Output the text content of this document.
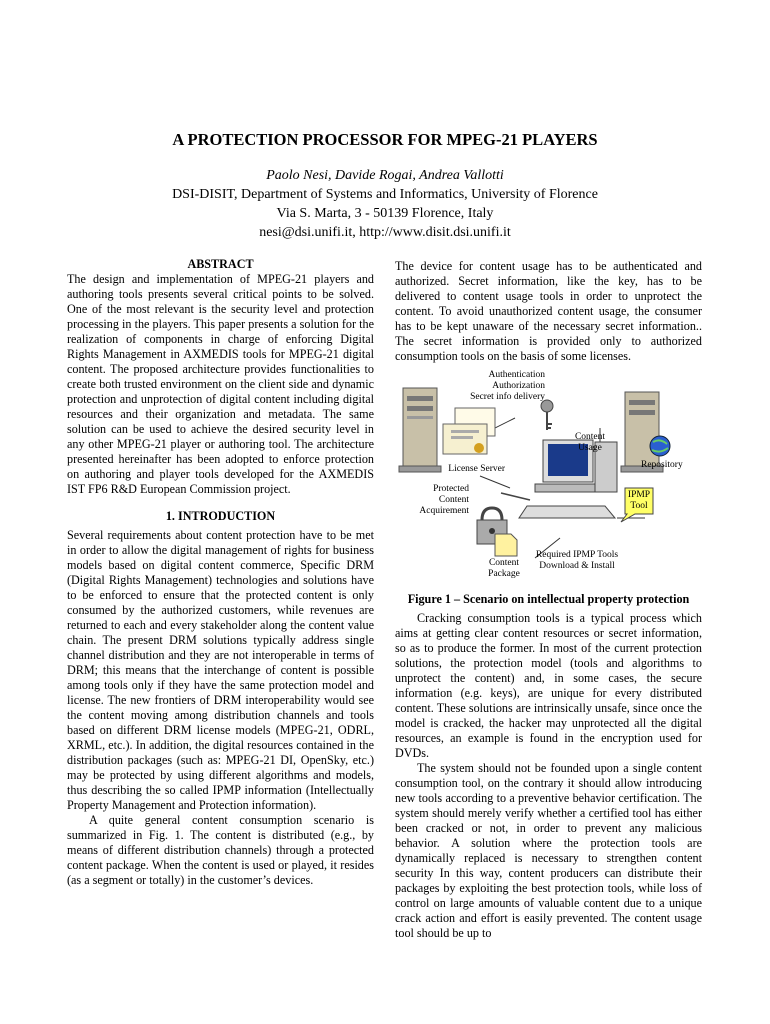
A PROTECTION PROCESSOR FOR MPEG-21 PLAYERS
Paolo Nesi, Davide Rogai, Andrea Vallotti
DSI-DISIT, Department of Systems and Informatics, University of Florence
Via S. Marta, 3 - 50139 Florence, Italy
nesi@dsi.unifi.it, http://www.disit.dsi.unifi.it
ABSTRACT

The design and implementation of MPEG-21 players and authoring tools presents several critical points to be solved. One of the most relevant is the security level and protection processing in the players. This paper presents a solution for the realization of components in charge of enforcing Digital Rights Management in AXMEDIS tools for MPEG-21 digital content. The proposed architecture provides functionalities to create both trusted environment on the client side and dynamic protection and unprotection of digital content including digital resources and their organization and metadata. The same solution can be used to achieve the desired security level in any other MPEG-21 player or authoring tool. The architecture presented hereinafter has been adopted to enforce protection on authoring and player tools developed for the AXMEDIS IST FP6 R&D European Commission project.

1. INTRODUCTION

Several requirements about content protection have to be met in order to allow the digital management of rights for business models based on digital content commerce, Specific DRM (Digital Rights Management) technologies and solutions have to be enforced to ensure that the protected content is only consumed by the authorized customers, while revenues are returned to each and every stakeholder along the content value chain. The present DRM solutions typically address single channel distribution and they are not interoperable in terms of DRM; this means that the interchange of content is possible among tools only if they have the same protection model and license. The new frontiers of DRM interoperability would see the content moving among distribution channels and tools based on different DRM license models (MPEG-21, ODRL, XRML, etc.). In addition, the digital resources contained in the distribution packages (such as: MPEG-21 DI, OpenSky, etc.) may be protected by using different algorithms and models, thus describing the so called IPMP information (Intellectually Property Management and Protection information).

A quite general content consumption scenario is summarized in Fig. 1. The content is distributed (e.g., by means of different distribution channels) through a protected content package. When the content is used or played, it resides (as a segment or totally) in the customer’s devices.

The device for content usage has to be authenticated and authorized. Secret information, like the key, has to be delivered to content usage tools in order to unprotect the content. To avoid unauthorized content usage, the consumer has to be kept unaware of the necessary secret information.. The secret information is provided only to authorized consumption tools on the basis of some licenses.

Authentication
Authorization
Secret info delivery
Content
Usage
License Server	Repository
Protected
Content
Acquirement
IPMP
Tool
Content
Package
Required IPMP Tools
Download & Install

Figure 1 – Scenario on intellectual property protection

Cracking consumption tools is a typical process which aims at getting clear content resources or secret information, so as to produce the former. In most of the current protection solutions, the protection model (tools and algorithms to unprotect the content) and, in some cases, the secure information (e.g. keys), are unique for every distributed content. These solutions are intrinsically unsafe, since once the model is cracked, the hacker may unprotected all the digital resources, an example is found in the encryption used for DVDs.

The system should not be founded upon a single content consumption tool, on the contrary it should allow introducing new tools according to a preventive behavior certification. The system should merely verify whether a certified tool has either been cracked or not, in order to prevent any malicious behavior. A solution where the protection tools are dynamically replaced is necessary to strengthen content security In this way, content producers can distribute their packages by exploiting the best protection tools, while loss of control on large amounts of valuable content due to a unique crack action and effort is easily prevented. The content usage tool should be up to
